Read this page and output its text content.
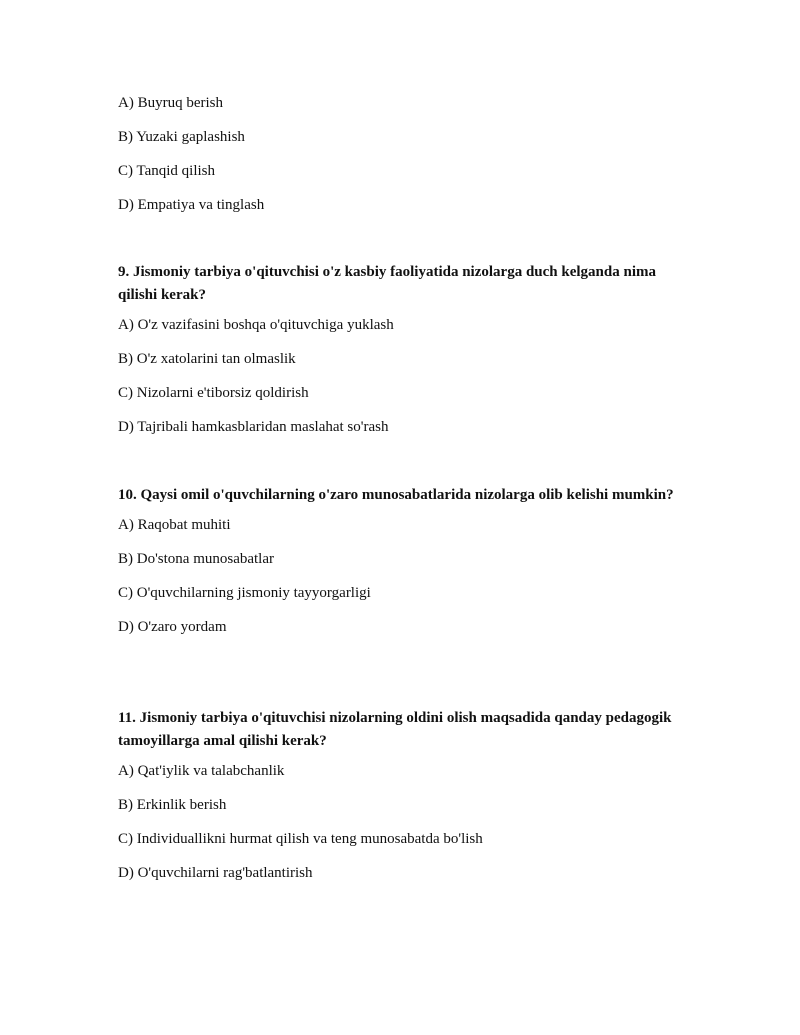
A) Buyruq berish
B) Yuzaki gaplashish
C) Tanqid qilish
D) Empatiya va tinglash
9. Jismoniy tarbiya o'qituvchisi o'z kasbiy faoliyatida nizolarga duch kelganda nima qilishi kerak?
A) O'z vazifasini boshqa o'qituvchiga yuklash
B) O'z xatolarini tan olmaslik
C) Nizolarni e'tiborsiz qoldirish
D) Tajribali hamkasblaridan maslahat so'rash
10. Qaysi omil o'quvchilarning o'zaro munosabatlarida nizolarga olib kelishi mumkin?
A) Raqobat muhiti
B) Do'stona munosabatlar
C) O'quvchilarning jismoniy tayyorgarligi
D) O'zaro yordam
11. Jismoniy tarbiya o'qituvchisi nizolarning oldini olish maqsadida qanday pedagogik tamoyillarga amal qilishi kerak?
A) Qat'iylik va talabchanlik
B) Erkinlik berish
C) Individuallikni hurmat qilish va teng munosabatda bo'lish
D) O'quvchilarni rag'batlantirish
